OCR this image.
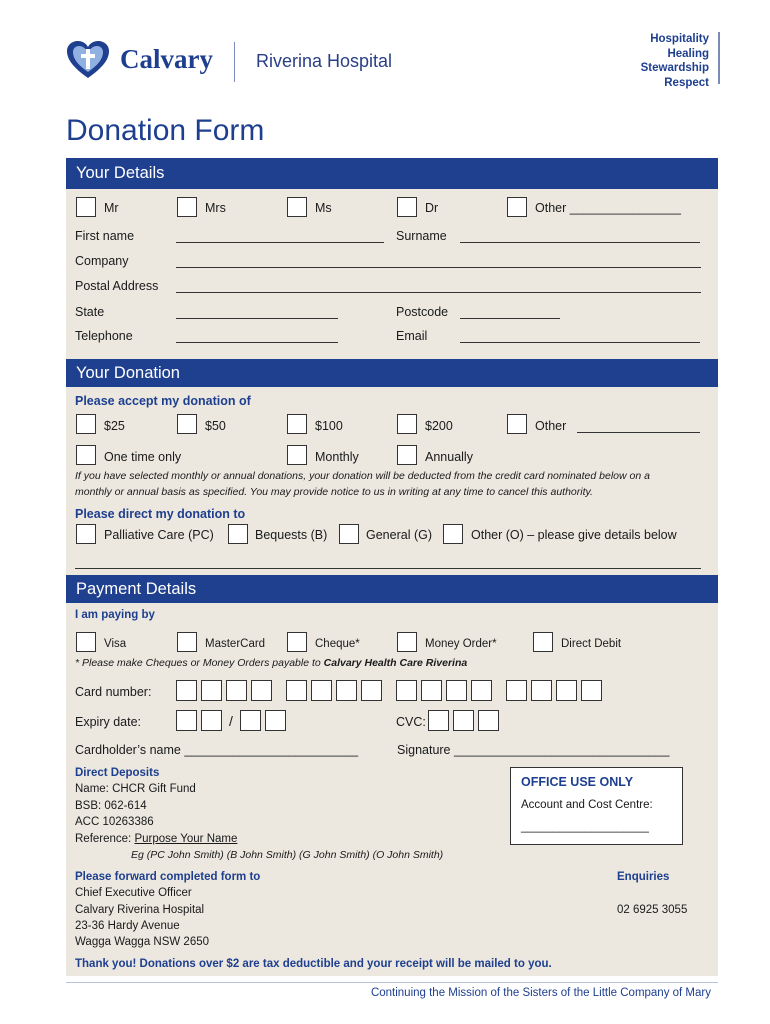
Calvary Riverina Hospital
Hospitality
Healing
Stewardship
Respect
Donation Form
Your Details
Mr	Mrs	Ms	Dr	Other ________________
First name	Surname
Company
Postal Address
State	Postcode
Telephone	Email
Your Donation
Please accept my donation of
$25	$50	$100	$200	Other
One time only	Monthly	Annually
If you have selected monthly or annual donations, your donation will be deducted from the credit card nominated below on a
monthly or annual basis as specified. You may provide notice to us in writing at any time to cancel this authority.
Please direct my donation to
Palliative Care (PC)	Bequests (B)	General (G)	Other (O) – please give details below
Payment Details
I am paying by
Visa	MasterCard	Cheque*	Money Order*	Direct Debit
* Please make Cheques or Money Orders payable to Calvary Health Care Riverina
Card number:
Expiry date:	/	CVC:
Cardholder’s name _________________________	Signature _______________________________
Direct Deposits
Name: CHCR Gift Fund
BSB: 062-614
ACC 10263386
Reference: Purpose Your Name
Eg (PC John Smith) (B John Smith) (G John Smith) (O John Smith)
OFFICE USE ONLY
Account and Cost Centre:
____________________
Please forward completed form to
Chief Executive Officer
Calvary Riverina Hospital
23-36 Hardy Avenue
Wagga Wagga NSW 2650
Enquiries
02 6925 3055
Thank you! Donations over $2 are tax deductible and your receipt will be mailed to you.
Continuing the Mission of the Sisters of the Little Company of Mary
